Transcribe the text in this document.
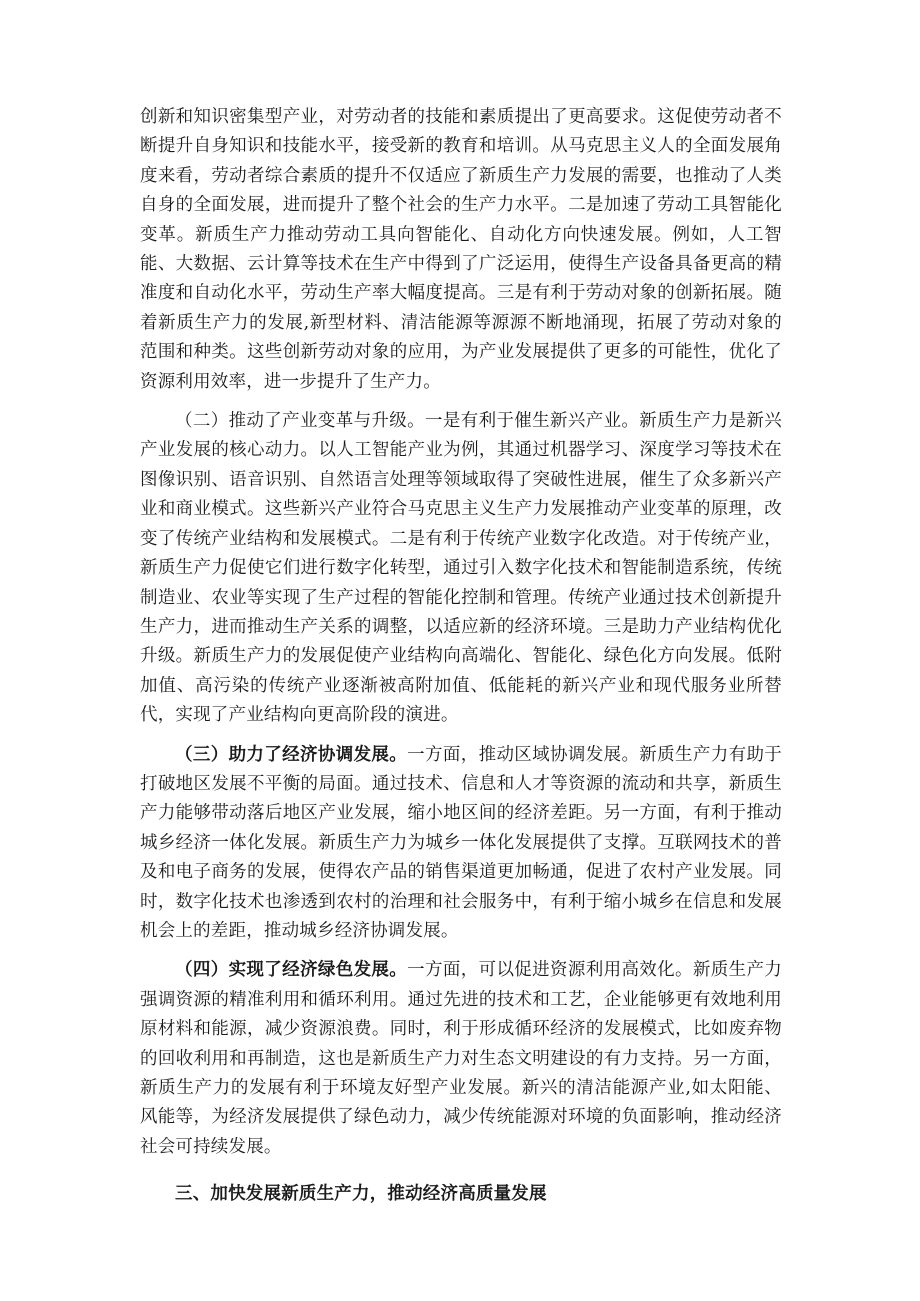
创新和知识密集型产业，对劳动者的技能和素质提出了更高要求。这促使劳动者不断提升自身知识和技能水平，接受新的教育和培训。从马克思主义人的全面发展角度来看，劳动者综合素质的提升不仅适应了新质生产力发展的需要，也推动了人类自身的全面发展，进而提升了整个社会的生产力水平。二是加速了劳动工具智能化变革。新质生产力推动劳动工具向智能化、自动化方向快速发展。例如，人工智能、大数据、云计算等技术在生产中得到了广泛运用，使得生产设备具备更高的精准度和自动化水平，劳动生产率大幅度提高。三是有利于劳动对象的创新拓展。随着新质生产力的发展,新型材料、清洁能源等源源不断地涌现，拓展了劳动对象的范围和种类。这些创新劳动对象的应用，为产业发展提供了更多的可能性，优化了资源利用效率，进一步提升了生产力。

（二）推动了产业变革与升级。一是有利于催生新兴产业。新质生产力是新兴产业发展的核心动力。以人工智能产业为例，其通过机器学习、深度学习等技术在图像识别、语音识别、自然语言处理等领域取得了突破性进展，催生了众多新兴产业和商业模式。这些新兴产业符合马克思主义生产力发展推动产业变革的原理，改变了传统产业结构和发展模式。二是有利于传统产业数字化改造。对于传统产业，新质生产力促使它们进行数字化转型，通过引入数字化技术和智能制造系统，传统制造业、农业等实现了生产过程的智能化控制和管理。传统产业通过技术创新提升生产力，进而推动生产关系的调整，以适应新的经济环境。三是助力产业结构优化升级。新质生产力的发展促使产业结构向高端化、智能化、绿色化方向发展。低附加值、高污染的传统产业逐渐被高附加值、低能耗的新兴产业和现代服务业所替代，实现了产业结构向更高阶段的演进。

（三）助力了经济协调发展。一方面，推动区域协调发展。新质生产力有助于打破地区发展不平衡的局面。通过技术、信息和人才等资源的流动和共享，新质生产力能够带动落后地区产业发展，缩小地区间的经济差距。另一方面，有利于推动城乡经济一体化发展。新质生产力为城乡一体化发展提供了支撑。互联网技术的普及和电子商务的发展，使得农产品的销售渠道更加畅通，促进了农村产业发展。同时，数字化技术也渗透到农村的治理和社会服务中，有利于缩小城乡在信息和发展机会上的差距，推动城乡经济协调发展。

（四）实现了经济绿色发展。一方面，可以促进资源利用高效化。新质生产力强调资源的精准利用和循环利用。通过先进的技术和工艺，企业能够更有效地利用原材料和能源，减少资源浪费。同时，利于形成循环经济的发展模式，比如废弃物的回收利用和再制造，这也是新质生产力对生态文明建设的有力支持。另一方面，新质生产力的发展有利于环境友好型产业发展。新兴的清洁能源产业,如太阳能、风能等，为经济发展提供了绿色动力，减少传统能源对环境的负面影响，推动经济社会可持续发展。

三、加快发展新质生产力，推动经济高质量发展
